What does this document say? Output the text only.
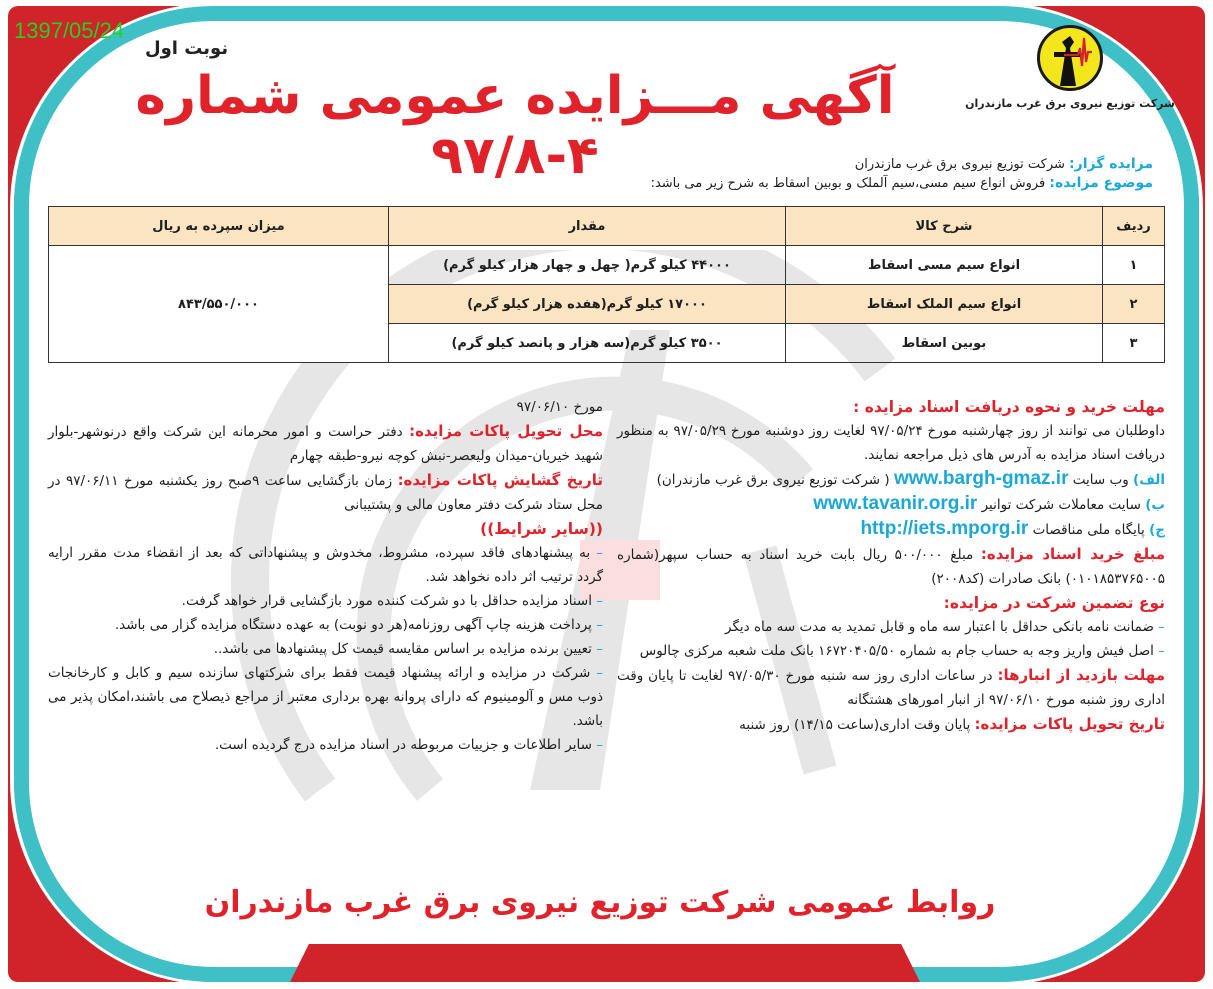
1397/05/24
شرکت توزیع نیروی برق غرب مازندران
نوبت اول
آگهی مـــزایده عمومی شماره ۴-۹۷/۸	مزایده گزار: شرکت توزیع نیروی برق غرب مازندران

موضوع مزایده: فروش انواع سیم مسی،سیم آلملک و بوبین اسقاط به شرح زیر می باشد:

ردیف	شرح کالا	مقدار	میزان سپرده به ریال
۱	انواع سیم مسی اسقاط	۴۴۰۰۰ کیلو گرم( چهل و چهار هزار کیلو گرم)	۸۴۳/۵۵۰/۰۰۰
۲	انواع سیم الملک اسقاط	۱۷۰۰۰ کیلو گرم(هفده هزار کیلو گرم)	
۳	بوبین اسقاط	۳۵۰۰ کیلو گرم(سه هزار و پانصد کیلو گرم)	

مهلت خرید و نحوه دریافت اسناد مزایده :

داوطلبان می توانند از روز چهارشنبه مورخ ۹۷/۰۵/۲۴ لغایت روز دوشنبه مورخ ۹۷/۰۵/۲۹ به منظور دریافت اسناد مزایده به آدرس های ذیل مراجعه نمایند.

الف) وب سایت www.bargh-gmaz.ir ( شرکت توزیع نیروی برق غرب مازندران)

ب) سایت معاملات شرکت توانیر www.tavanir.org.ir

ج) پایگاه ملی مناقصات http://iets.mporg.ir

مبلغ خرید اسناد مزایده: مبلغ ۵۰۰/۰۰۰ ریال بابت خرید اسناد به حساب سپهر(شماره ۰۱۰۱۸۵۳۷۶۵۰۰۵) بانک صادرات (کد۲۰۰۸)

نوع تضمین شرکت در مزایده:

– ضمانت نامه بانکی حداقل با اعتبار سه ماه و قابل تمدید به مدت سه ماه دیگر

– اصل فیش واریز وجه به حساب جام به شماره ۱۶۷۲۰۴۰۵/۵۰ بانک ملت شعبه مرکزی چالوس

مهلت بازدید از انبارها: در ساعات اداری روز سه شنبه مورخ ۹۷/۰۵/۳۰ لغایت تا پایان وقت اداری روز شنبه مورخ ۹۷/۰۶/۱۰ از انبار امورهای هشتگانه

تاریخ تحویل پاکات مزایده: پایان وقت اداری(ساعت ۱۴/۱۵) روز شنبه

مورخ ۹۷/۰۶/۱۰

محل تحویل پاکات مزایده: دفتر حراست و امور محرمانه این شرکت واقع درنوشهر-بلوار شهید خیریان-میدان ولیعصر-نبش کوچه نیرو-طبقه چهارم

تاریخ گشایش پاکات مزایده: زمان بازگشایی ساعت ۹صبح روز یکشنبه مورخ ۹۷/۰۶/۱۱ در محل ستاد شرکت دفتر معاون مالی و پشتیبانی

((سایر شرایط))

– به پیشنهادهای فاقد سپرده، مشروط، مخدوش و پیشنهاداتی که بعد از انقضاء مدت مقرر ارایه گردد ترتیب اثر داده نخواهد شد.

– اسناد مزایده حداقل با دو شرکت کننده مورد بازگشایی قرار خواهد گرفت.

– پرداخت هزینه چاپ آگهی روزنامه(هر دو نوبت) به عهده دستگاه مزایده گزار می باشد.

– تعیین برنده مزایده بر اساس مقایسه قیمت کل پیشنهادها می باشد..

– شرکت در مزایده و ارائه پیشنهاد قیمت فقط برای شرکتهای سازنده سیم و کابل و کارخانجات ذوب مس و آلومینیوم که دارای پروانه بهره برداری معتبر از مراجع ذیصلاح می باشند،امکان پذیر می باشد.

– سایر اطلاعات و جزییات مربوطه در اسناد مزایده درج گردیده است.

روابط عمومی شرکت توزیع نیروی برق غرب مازندران
